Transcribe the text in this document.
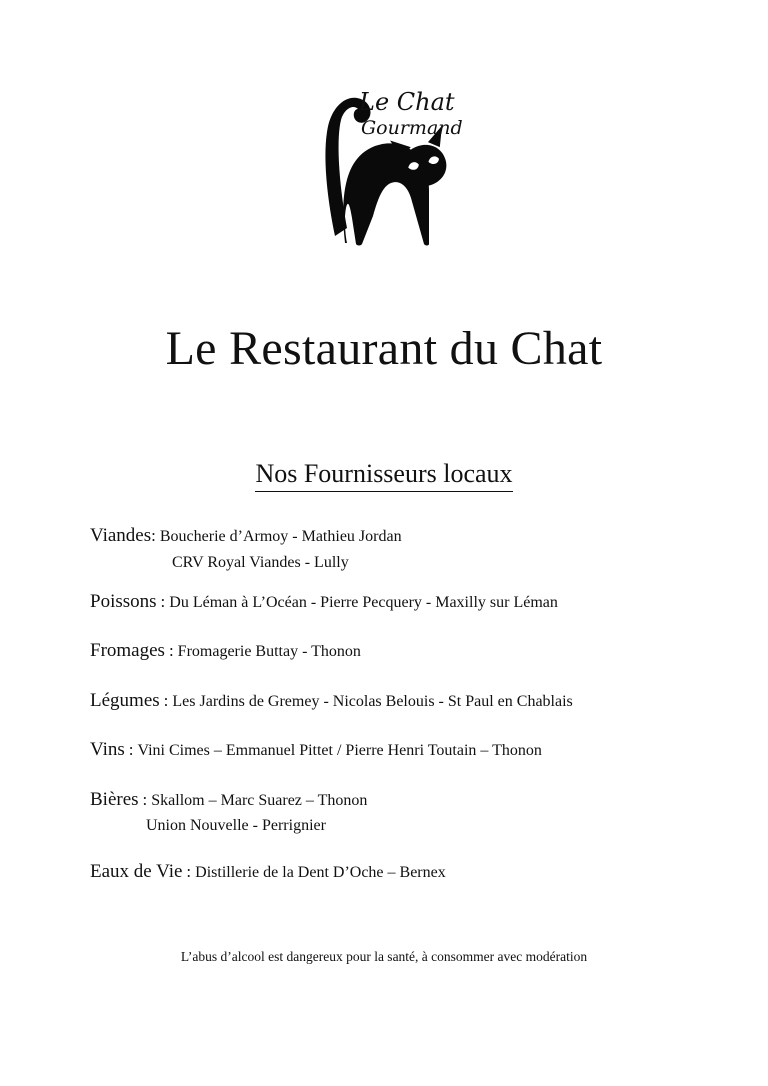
Le Chat
Gourmand
Le Restaurant du Chat
Nos Fournisseurs locaux
Viandes: Boucherie d’Armoy - Mathieu Jordan
CRV Royal Viandes - Lully
Poissons : Du Léman à L’Océan - Pierre Pecquery - Maxilly sur Léman
Fromages : Fromagerie Buttay - Thonon
Légumes : Les Jardins de Gremey - Nicolas Belouis - St Paul en Chablais
Vins : Vini Cimes – Emmanuel Pittet / Pierre Henri Toutain – Thonon
Bières : Skallom – Marc Suarez – Thonon
Union Nouvelle - Perrignier
Eaux de Vie : Distillerie de la Dent D’Oche – Bernex
L’abus d’alcool est dangereux pour la santé, à consommer avec modération
